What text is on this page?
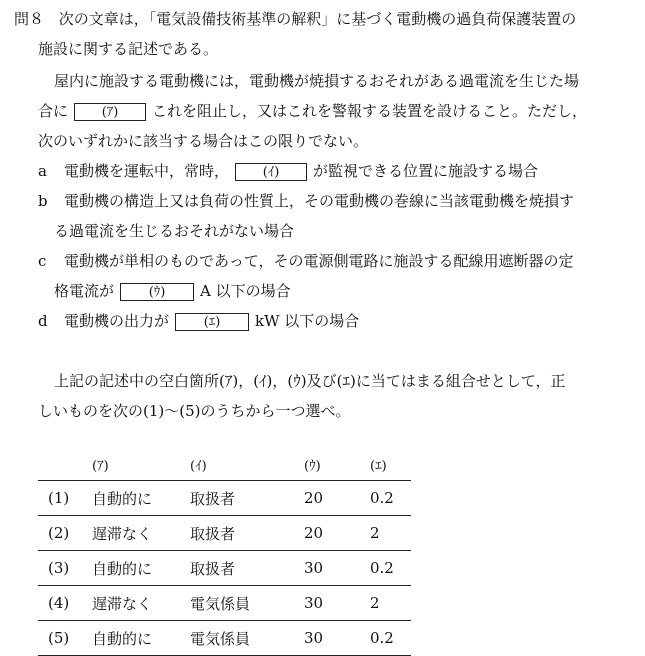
問８ 次の文章は，「電気設備技術基準の解釈」に基づく電動機の過負荷保護装置の
施設に関する記述である。
屋内に施設する電動機には，電動機が焼損するおそれがある過電流を生じた場
合に	(ｱ) これを阻止し，又はこれを警報する装置を設けること。ただし，
次のいずれかに該当する場合はこの限りでない。
a 電動機を運転中，常時，	(ｲ) が監視できる位置に施設する場合
b 電動機の構造上又は負荷の性質上，その電動機の巻線に当該電動機を焼損す
る過電流を生じるおそれがない場合
c 電動機が単相のものであって，その電源側電路に施設する配線用遮断器の定
格電流が	(ｳ) A 以下の場合
d 電動機の出力が	(ｴ) kW 以下の場合
上記の記述中の空白箇所(ｱ)，(ｲ)，(ｳ)及び(ｴ)に当てはまる組合せとして，正
しいものを次の(1)～(5)のうちから一つ選べ。
	(ｱ)	(ｲ)	(ｳ)	(ｴ)
(1)	自動的に	取扱者	20	0.2
(2)	遅滞なく	取扱者	20	2
(3)	自動的に	取扱者	30	0.2
(4)	遅滞なく	電気係員	30	2
(5)	自動的に	電気係員	30	0.2
